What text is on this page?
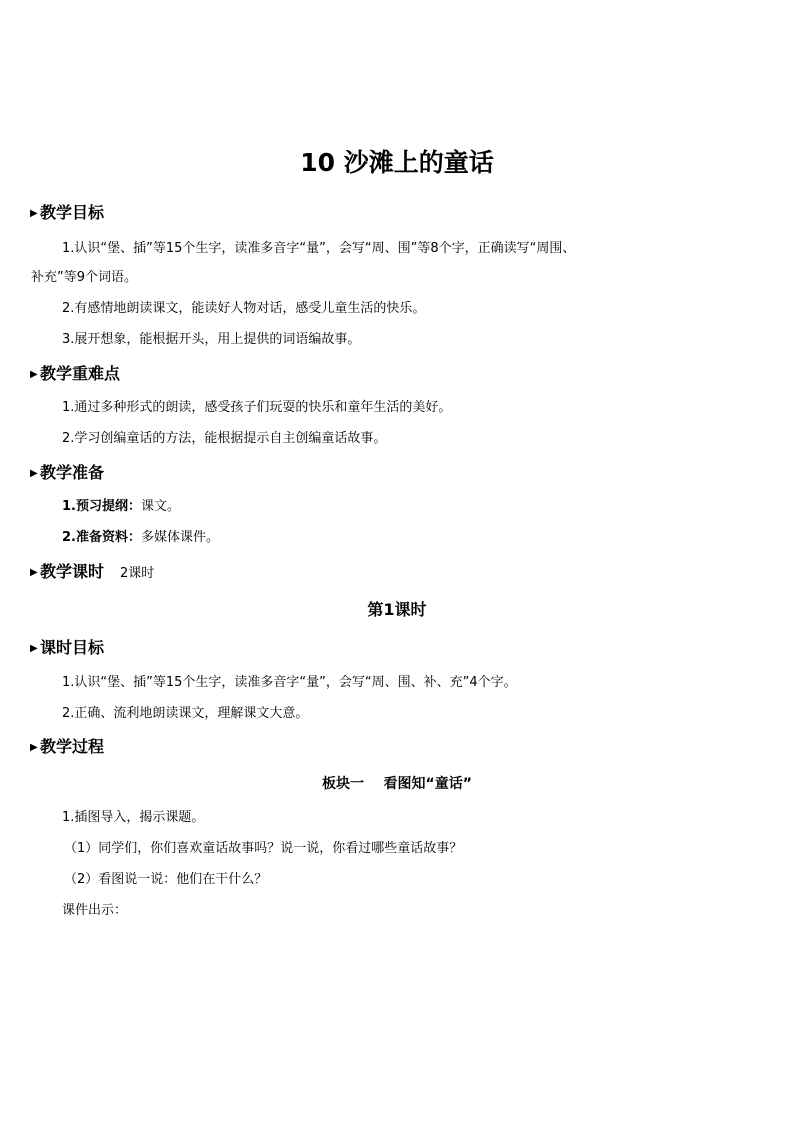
10 沙滩上的童话
▶ 教学目标
1.认识“堡、插”等15个生字，读准多音字“量”，会写“周、围”等8个字，正确读写“周围、
补充”等9个词语。
2.有感情地朗读课文，能读好人物对话，感受儿童生活的快乐。
3.展开想象，能根据开头，用上提供的词语编故事。
▶ 教学重难点
1.通过多种形式的朗读，感受孩子们玩耍的快乐和童年生活的美好。
2.学习创编童话的方法，能根据提示自主创编童话故事。
▶ 教学准备
1.预习提纲：课文。
2.准备资料：多媒体课件。
▶ 教学课时 2课时
第1课时
▶ 课时目标
1.认识“堡、插”等15个生字，读准多音字“量”，会写“周、围、补、充”4个字。
2.正确、流利地朗读课文，理解课文大意。
▶ 教学过程
板块一    看图知“童话”
1.插图导入，揭示课题。
（1）同学们，你们喜欢童话故事吗？说一说，你看过哪些童话故事？
（2）看图说一说：他们在干什么？
课件出示：
